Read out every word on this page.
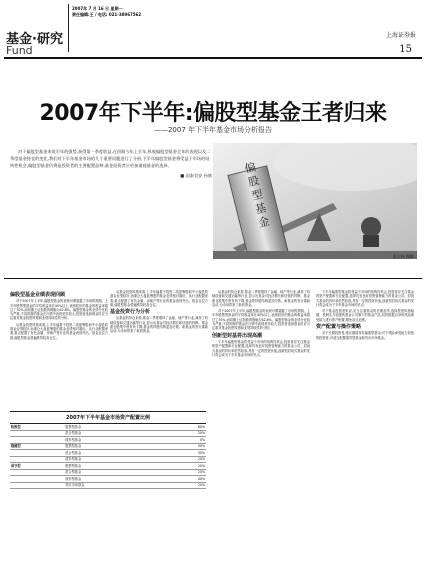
基金·研究
Fund
2007年 7 月 16 日 星期一
责任编辑:王 / 电话: 021-38967562
上海证券报
15
2007年下半年:偏股型基金王者归来
——2007 年下半年基金市场分析报告
对于偏股型基金来说半年的强势,获得第一季度收益,在回顾今年上半年,纵观偏股型基金全年的表现以及二季度基金持仓的变化,我们对下半年基金市场的几个重要问题进行了分析,下半年偏股型基金将受益于市场的结构性机会,偏股型基金仍将是投资者的主要配置品种,基金投资者应更加重视基金的选择。
■ 国泰君安 孙康	偏
股
型
基
金
张大伟 摄影
偏股型基金业绩表现回顾

对于2007年上半年,偏股型基金的表现可谓超越了市场的预期。上半年股票型基金的平均收益率在40%以上,表现较好的基金的收益率超过了70%,而同期上证指数的涨幅为42.8%。偏股型基金的业绩分化较为严重,不同风格的基金在行情中表现差异较大,投资者选择基金时应当注重对基金投资风格和业绩持续性的分析。

从基金投资风格来看,上半年偏重于投资二线蓝筹股和中小盘股的基金业绩较好,而重仓大盘蓝筹股的基金业绩相对落后。从行业配置来看,重点配置了有色金属、房地产等行业的基金表现突出。基金仓位方面,偏股型基金普遍维持较高仓位。

从基金投资风格来看,上半年偏重于投资二线蓝筹股和中小盘股的基金业绩较好,而重仓大盘蓝筹股的基金业绩相对落后。从行业配置来看,重点配置了有色金属、房地产等行业的基金表现突出。基金仓位方面,偏股型基金普遍维持较高仓位。

基金投资行为分析

从基金的持仓来看,基金二季度增持了金融、地产等行业,减持了机械设备和交通运输等行业,显示出基金对经济增长和估值的判断。基金重仓股集中度有所下降,基金的持股结构更加分散。新基金的发行重新启动,为市场带来了新的资金。

从基金的持仓来看,基金二季度增持了金融、地产等行业,减持了机械设备和交通运输等行业,显示出基金对经济增长和估值的判断。基金重仓股集中度有所下降,基金的持股结构更加分散。新基金的发行重新启动,为市场带来了新的资金。

对于2007年上半年,偏股型基金的表现可谓超越了市场的预期。上半年股票型基金的平均收益率在40%以上,表现较好的基金的收益率超过了70%,而同期上证指数的涨幅为42.8%。偏股型基金的业绩分化较为严重,不同风格的基金在行情中表现差异较大,投资者选择基金时应当注重对基金投资风格和业绩持续性的分析。

创新型封基将出现高潮

下半年偏股型基金将受益于市场的结构性机会,投资者应关注基金的资产配置和行业配置,选择具有良好投资管理能力的基金公司。封闭式基金的折价率依然较高,具有一定的投资价值,创新型封闭式基金的发行将会成为下半年基金市场的亮点。

下半年偏股型基金将受益于市场的结构性机会,投资者应关注基金的资产配置和行业配置,选择具有良好投资管理能力的基金公司。封闭式基金的折价率依然较高,具有一定的投资价值,创新型封闭式基金的发行将会成为下半年基金市场的亮点。

对于基金投资者来说,应当注重基金的长期业绩,选择投资风格稳健、投研实力较强的基金公司旗下的基金产品,同时根据自身的风险承受能力进行资产配置,避免盲目追涨。

资产配置与操作策略

对于长期投资者,建议继续持有偏股型基金;对于风险承受能力较低的投资者,可适当配置债券型基金和货币市场基金。

2007年下半年基金市场资产配置比例
积极型	股票型基金	80%
	混合型基金	20%
	债券型基金	0%
稳健型	股票型基金	50%
	混合型基金	30%
	债券型基金	20%
保守型	股票型基金	20%
	混合型基金	20%
	债券型基金	40%
	货币市场基金	20%
